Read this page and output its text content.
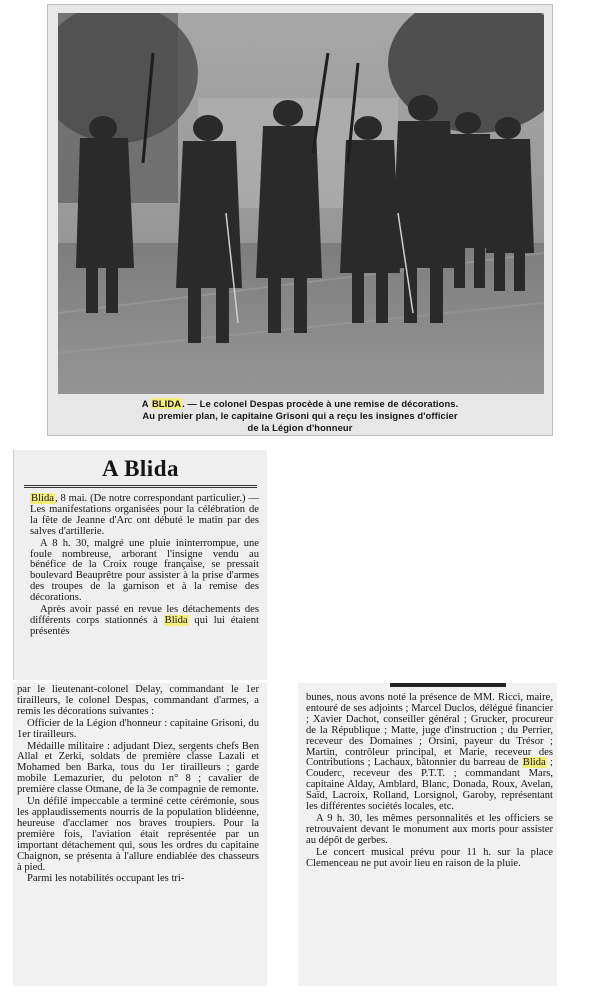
A BLIDA. — Le colonel Despas procède à une remise de décorations.
Au premier plan, le capitaine Grisoni qui a reçu les insignes d'officier
de la Légion d'honneur
A Blida

Blida, 8 mai. (De notre correspondant particulier.) — Les manifestations organisées pour la célébration de la fête de Jeanne d'Arc ont débuté le matin par des salves d'artillerie.

A 8 h. 30, malgré une pluie ininterrompue, une foule nombreuse, arborant l'insigne vendu au bénéfice de la Croix rouge française, se pressait boulevard Beauprêtre pour assister à la prise d'armes des troupes de la garnison et à la remise des décorations.

Après avoir passé en revue les détachements des différents corps stationnés à Blida qui lui étaient présentés

par le lieutenant-colonel Delay, commandant le 1er tirailleurs, le colonel Despas, commandant d'armes, a remis les décorations suivantes :

Officier de la Légion d'honneur : capitaine Grisoni, du 1er tirailleurs.

Médaille militaire : adjudant Diez, sergents chefs Ben Allal et Zerki, soldats de première classe Lazali et Mohamed ben Barka, tous du 1er tirailleurs ; garde mobile Lemazurier, du peloton n° 8 ; cavalier de première classe Otmane, de la 3e compagnie de remonte.

Un défilé impeccable a terminé cette cérémonie, sous les applaudissements nourris de la population blidéenne, heureuse d'acclamer nos braves troupiers. Pour la première fois, l'aviation était représentée par un important détachement qui, sous les ordres du capitaine Chaignon, se présenta à l'allure endiablée des chasseurs à pied.

Parmi les notabilités occupant les tri-

bunes, nous avons noté la présence de MM. Ricci, maire, entouré de ses adjoints ; Marcel Duclos, délégué financier ; Xavier Dachot, conseiller général ; Grucker, procureur de la République ; Matte, juge d'instruction ; du Perrier, receveur des Domaines ; Orsini, payeur du Trésor ; Martin, contrôleur principal, et Marie, receveur des Contributions ; Lachaux, bâtonnier du barreau de Blida ; Couderc, receveur des P.T.T. ; commandant Mars, capitaine Alday, Amblard, Blanc, Donada, Roux, Avelan, Saïd, Lacroix, Rolland, Lorsignol, Garoby, représentant les différentes sociétés locales, etc.

A 9 h. 30, les mêmes personnalités et les officiers se retrouvaient devant le monument aux morts pour assister au dépôt de gerbes.

Le concert musical prévu pour 11 h. sur la place Clemenceau ne put avoir lieu en raison de la pluie.
